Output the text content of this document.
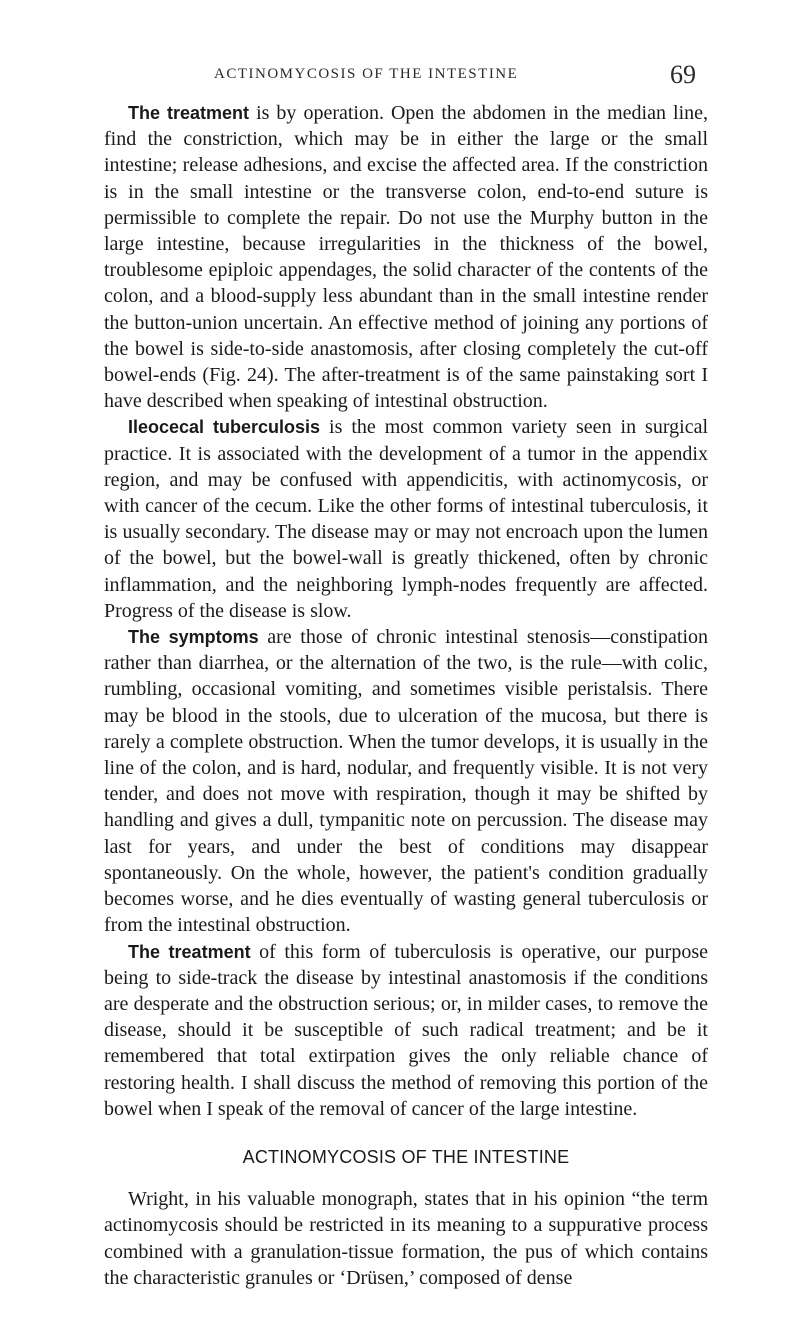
ACTINOMYCOSIS OF THE INTESTINE	69

The treatment is by operation. Open the abdomen in the median line, find the constriction, which may be in either the large or the small intestine; release adhesions, and excise the affected area. If the constriction is in the small intestine or the transverse colon, end-to-end suture is permissible to complete the repair. Do not use the Murphy button in the large intestine, because irregularities in the thickness of the bowel, troublesome epiploic appendages, the solid character of the contents of the colon, and a blood-supply less abundant than in the small intestine render the button-union uncertain. An effective method of joining any portions of the bowel is side-to-side anastomosis, after closing completely the cut-off bowel-ends (Fig. 24). The after-treatment is of the same painstaking sort I have described when speaking of intestinal obstruction.

Ileocecal tuberculosis is the most common variety seen in surgical practice. It is associated with the development of a tumor in the appendix region, and may be confused with appendicitis, with actinomycosis, or with cancer of the cecum. Like the other forms of intestinal tuberculosis, it is usually secondary. The disease may or may not encroach upon the lumen of the bowel, but the bowel-wall is greatly thickened, often by chronic inflammation, and the neighboring lymph-nodes frequently are affected. Progress of the disease is slow.

The symptoms are those of chronic intestinal stenosis—constipation rather than diarrhea, or the alternation of the two, is the rule—with colic, rumbling, occasional vomiting, and sometimes visible peristalsis. There may be blood in the stools, due to ulceration of the mucosa, but there is rarely a complete obstruction. When the tumor develops, it is usually in the line of the colon, and is hard, nodular, and frequently visible. It is not very tender, and does not move with respiration, though it may be shifted by handling and gives a dull, tympanitic note on percussion. The disease may last for years, and under the best of conditions may disappear spontaneously. On the whole, however, the patient's condition gradually becomes worse, and he dies eventually of wasting general tuberculosis or from the intestinal obstruction.

The treatment of this form of tuberculosis is operative, our purpose being to side-track the disease by intestinal anastomosis if the conditions are desperate and the obstruction serious; or, in milder cases, to remove the disease, should it be susceptible of such radical treatment; and be it remembered that total extirpation gives the only reliable chance of restoring health. I shall discuss the method of removing this portion of the bowel when I speak of the removal of cancer of the large intestine.

ACTINOMYCOSIS OF THE INTESTINE

Wright, in his valuable monograph, states that in his opinion “the term actinomycosis should be restricted in its meaning to a suppurative process combined with a granulation-tissue formation, the pus of which contains the characteristic granules or ‘Drüsen,’ composed of dense
